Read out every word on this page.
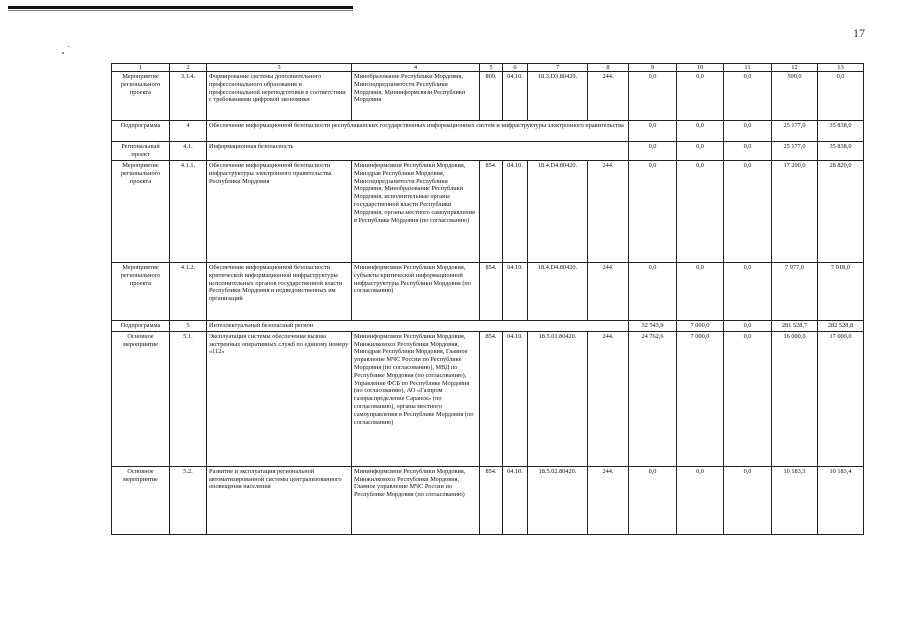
17
1	2	3	4	5	6	7	8	9	10	11	12	13
Мероприятие регионального проекта	3.1.4.	Формирование системы дополнительного профессионального образования и профессиональной переподготовки в соответствии с требованиями цифровой экономики	Минобразование Республики Мордовия, Минсоцпредзанятости Республики Мордовия, Мининформсвязи Республики Мордовия	809.	04.10.	18.3.D3.80420.	244.	0,0	0,0	0,0	500,0	0,0
Подпрограмма	4	Обеспечение информационной безопасности республиканских государственных информационных систем и инфраструктуры электронного правительства						0,0	0,0	0,0	25 177,0	35 838,0
Региональный проект	4.1.	Информационная безопасность						0,0	0,0	0,0	25 177,0	35 838,0
Мероприятие регионального проекта	4.1.1.	Обеспечение информационной безопасности инфраструктуры электронного правительства Республики Мордовия	Мининформсвязи Республики Мордовия, Минздрав Республики Мордовия, Минсоцпредзанятости Республики Мордовия, Минобразование Республики Мордовия, исполнительные органы государственной власти Республики Мордовия, органы местного самоуправления в Республике Мордовия (по согласованию)	854.	04.10.	18.4.D4.80420.	244.	0,0	0,0	0,0	17 200,0	28 820,0
Мероприятие регионального проекта	4.1.2.	Обеспечение информационной безопасности критической информационной инфраструктуры исполнительных органов государственной власти Республики Мордовия и подведомственных им организаций	Мининформсвязи Республики Мордовия, субъекты критической информационной инфраструктуры Республики Мордовия (по согласованию)	854.	04.10.	18.4.D4.80420.	244.	0,0	0,0	0,0	7 977,0	7 018,0
Подпрограмма	5	Интеллектуальный безопасный регион						32 543,9	7 000,0	0,0	281 528,7	282 528,8
Основное мероприятие	5.1.	Эксплуатация системы обеспечения вызова экстренных оперативных служб по единому номеру «112»	Мининформсвязи Республики Мордовия, Минжилкомхоз Республики Мордовия, Минздрав Республики Мордовия, Главное управление МЧС России по Республике Мордовия (по согласованию), МВД по Республике Мордовия (по согласованию), Управление ФСБ по Республике Мордовия (по согласованию), АО «Газпром газораспределение Саранск» (по согласованию), органы местного самоуправления в Республике Мордовия (по согласованию)	854.	04.10.	18.5.01.80420.	244.	24 762,6	7 000,0	0,0	16 000,0	17 000,0
Основное мероприятие	5.2.	Развитие и эксплуатация региональной автоматизированной системы централизованного оповещения населения	Мининформсвязи Республики Мордовия, Минжилкомхоз Республики Мордовия, Главное управление МЧС России по Республике Мордовия (по согласованию)	854.	04.10.	18.5.02.80420.	244.	0,0	0,0	0,0	10 183,3	10 183,4
